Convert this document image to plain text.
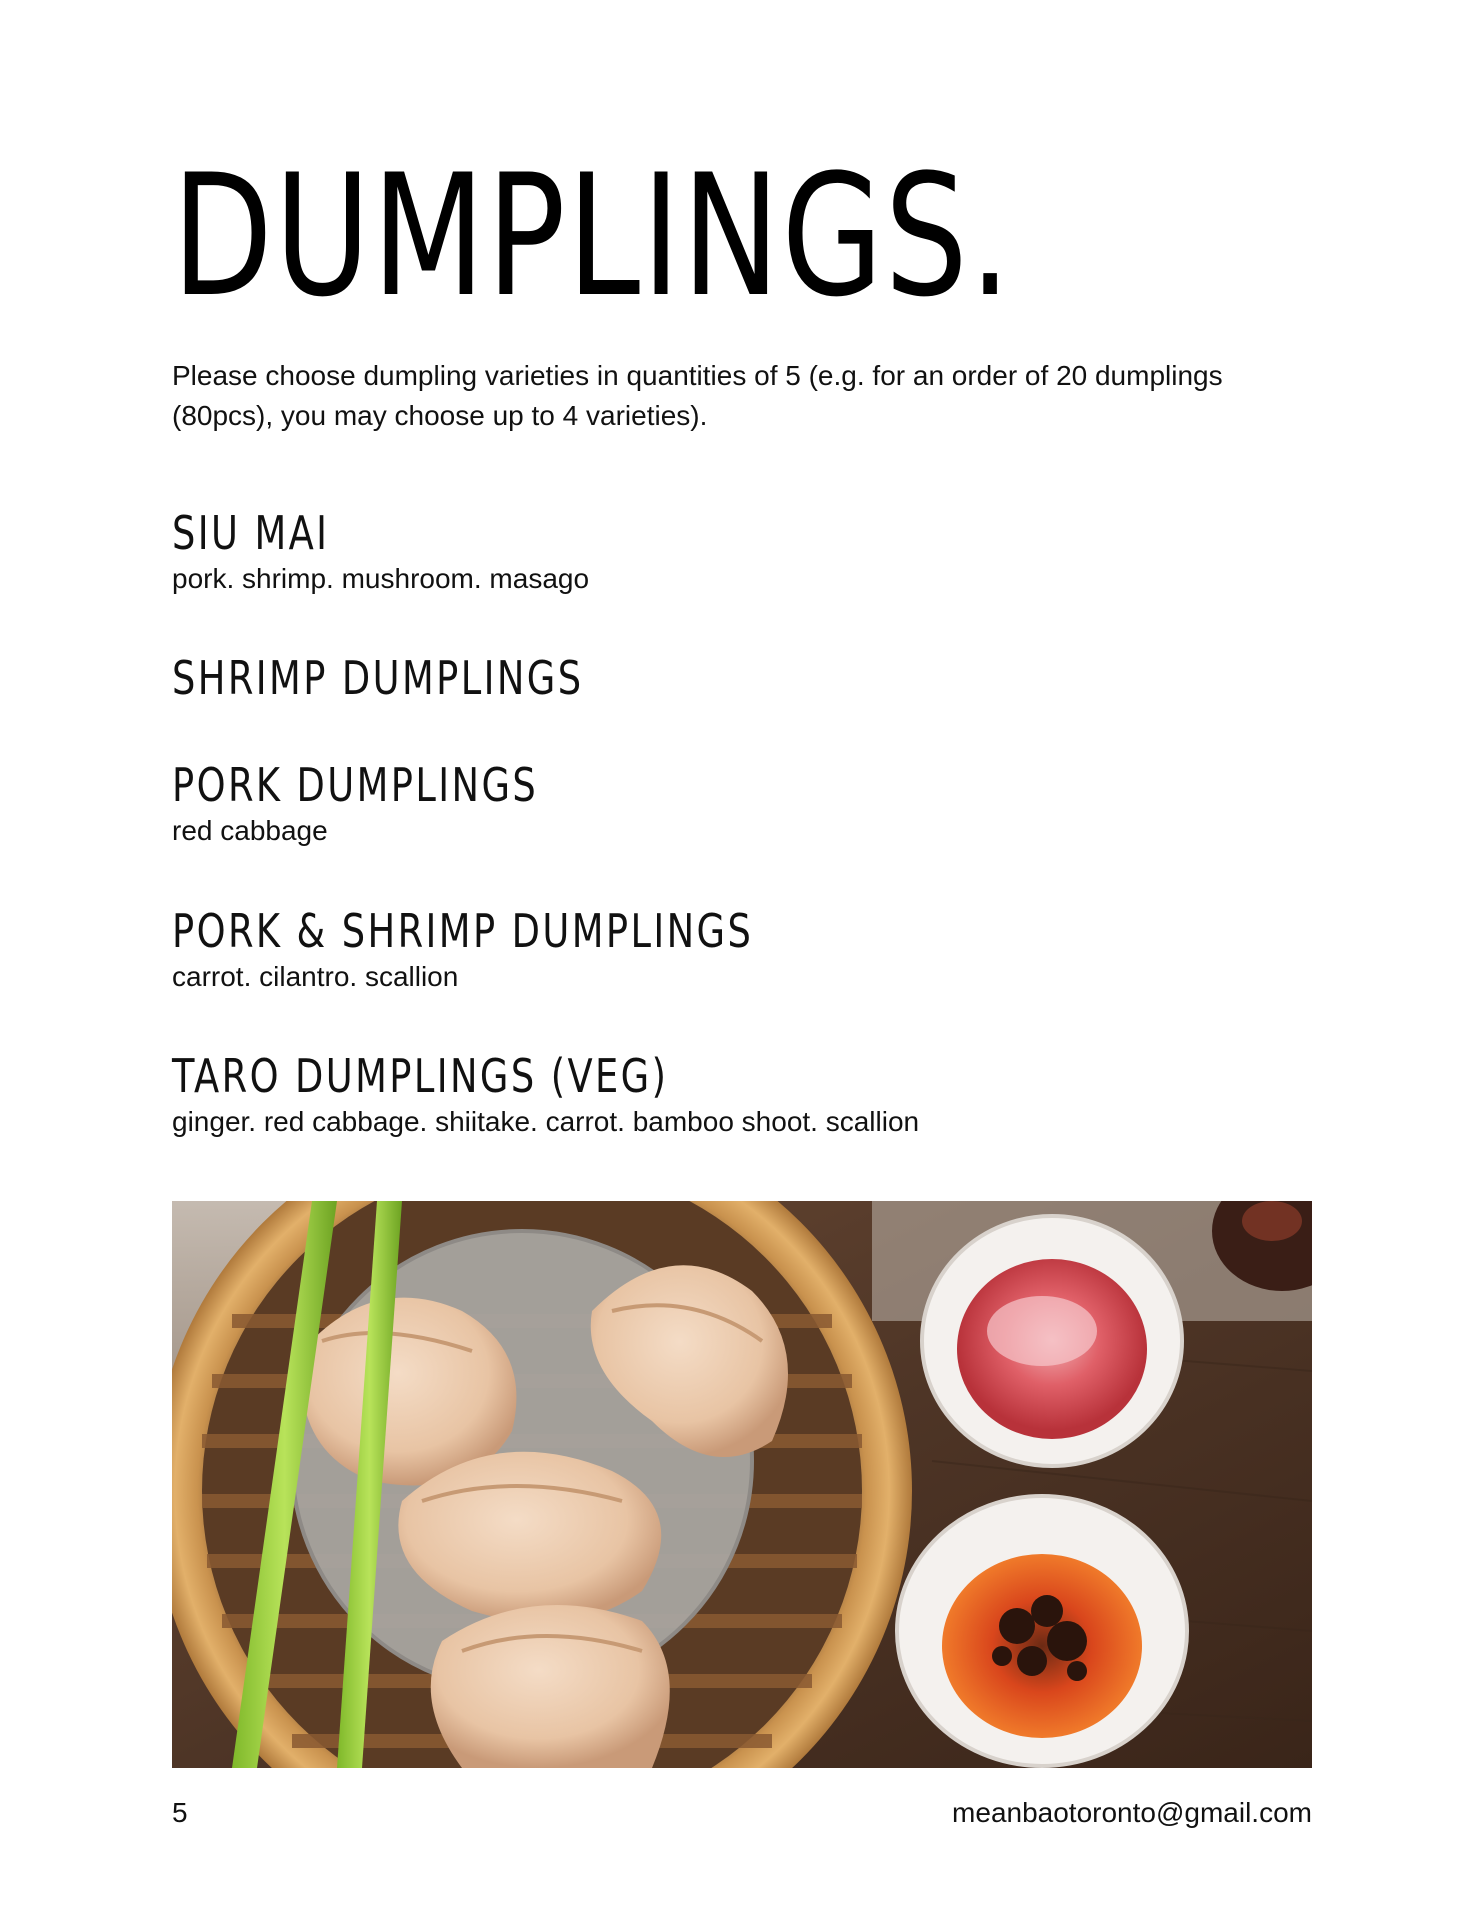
DUMPLINGS.
Please choose dumpling varieties in quantities of 5 (e.g. for an order of 20 dumplings (80pcs), you may choose up to 4 varieties).
SIU MAI
pork. shrimp. mushroom. masago
SHRIMP DUMPLINGS
PORK DUMPLINGS
red cabbage
PORK & SHRIMP DUMPLINGS
carrot. cilantro. scallion
TARO DUMPLINGS (VEG)
ginger. red cabbage. shiitake. carrot. bamboo shoot. scallion
5	meanbaotoronto@gmail.com
